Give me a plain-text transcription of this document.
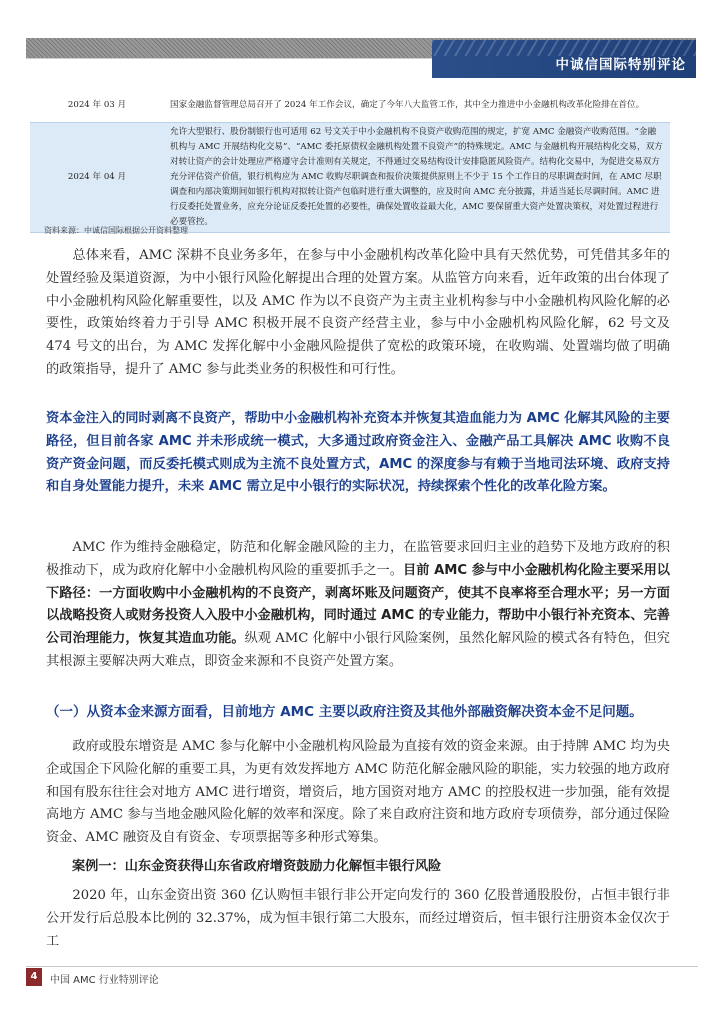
中诚信国际特别评论
2024 年 03 月	国家金融监督管理总局召开了 2024 年工作会议，确定了今年八大监管工作，其中全力推进中小金融机构改革化险排在首位。
2024 年 04 月	允许大型银行、股份制银行也可适用 62 号文关于中小金融机构不良资产收购范围的规定，扩宽 AMC 金融资产收购范围。“金融机构与 AMC 开展结构化交易”、“AMC 委托原债权金融机构处置不良资产”的特殊规定。AMC 与金融机构开展结构化交易，双方对转让资产的会计处理应严格遵守会计准则有关规定，不得通过交易结构设计安排隐匿风险资产。结构化交易中，为促进交易双方充分评估资产价值，银行机构应为 AMC 收购尽职调查和报价决策提供原则上不少于 15 个工作日的尽职调查时间，在 AMC 尽职调查和内部决策期间如银行机构对拟转让资产包临时进行重大调整的，应及时向 AMC 充分披露，并适当延长尽调时间。AMC 进行反委托处置业务，应充分论证反委托处置的必要性，确保处置收益最大化，AMC 要保留重大资产处置决策权，对处置过程进行必要管控。
资料来源：中诚信国际根据公开资料整理
总体来看，AMC 深耕不良业务多年，在参与中小金融机构改革化险中具有天然优势，可凭借其多年的处置经验及渠道资源，为中小银行风险化解提出合理的处置方案。从监管方向来看，近年政策的出台体现了中小金融机构风险化解重要性，以及 AMC 作为以不良资产为主责主业机构参与中小金融机构风险化解的必要性，政策始终着力于引导 AMC 积极开展不良资产经营主业，参与中小金融机构风险化解，62 号文及 474 号文的出台，为 AMC 发挥化解中小金融风险提供了宽松的政策环境，在收购端、处置端均做了明确的政策指导，提升了 AMC 参与此类业务的积极性和可行性。
资本金注入的同时剥离不良资产，帮助中小金融机构补充资本并恢复其造血能力为 AMC 化解其风险的主要路径，但目前各家 AMC 并未形成统一模式，大多通过政府资金注入、金融产品工具解决 AMC 收购不良资产资金问题，而反委托模式则成为主流不良处置方式，AMC 的深度参与有赖于当地司法环境、政府支持和自身处置能力提升，未来 AMC 需立足中小银行的实际状况，持续探索个性化的改革化险方案。
AMC 作为维持金融稳定，防范和化解金融风险的主力，在监管要求回归主业的趋势下及地方政府的积极推动下，成为政府化解中小金融机构风险的重要抓手之一。目前 AMC 参与中小金融机构化险主要采用以下路径：一方面收购中小金融机构的不良资产，剥离坏账及问题资产，使其不良率将至合理水平；另一方面以战略投资人或财务投资人入股中小金融机构，同时通过 AMC 的专业能力，帮助中小银行补充资本、完善公司治理能力，恢复其造血功能。纵观 AMC 化解中小银行风险案例，虽然化解风险的模式各有特色，但究其根源主要解决两大难点，即资金来源和不良资产处置方案。
（一）从资本金来源方面看，目前地方 AMC 主要以政府注资及其他外部融资解决资本金不足问题。
政府或股东增资是 AMC 参与化解中小金融机构风险最为直接有效的资金来源。由于持牌 AMC 均为央企或国企下风险化解的重要工具，为更有效发挥地方 AMC 防范化解金融风险的职能，实力较强的地方政府和国有股东往往会对地方 AMC 进行增资，增资后，地方国资对地方 AMC 的控股权进一步加强，能有效提高地方 AMC 参与当地金融风险化解的效率和深度。除了来自政府注资和地方政府专项债券，部分通过保险资金、AMC 融资及自有资金、专项票据等多种形式筹集。
案例一：山东金资获得山东省政府增资鼓励力化解恒丰银行风险
2020 年，山东金资出资 360 亿认购恒丰银行非公开定向发行的 360 亿股普通股股份，占恒丰银行非公开发行后总股本比例的 32.37%，成为恒丰银行第二大股东，而经过增资后，恒丰银行注册资本金仅次于工
4	中国 AMC 行业特别评论
